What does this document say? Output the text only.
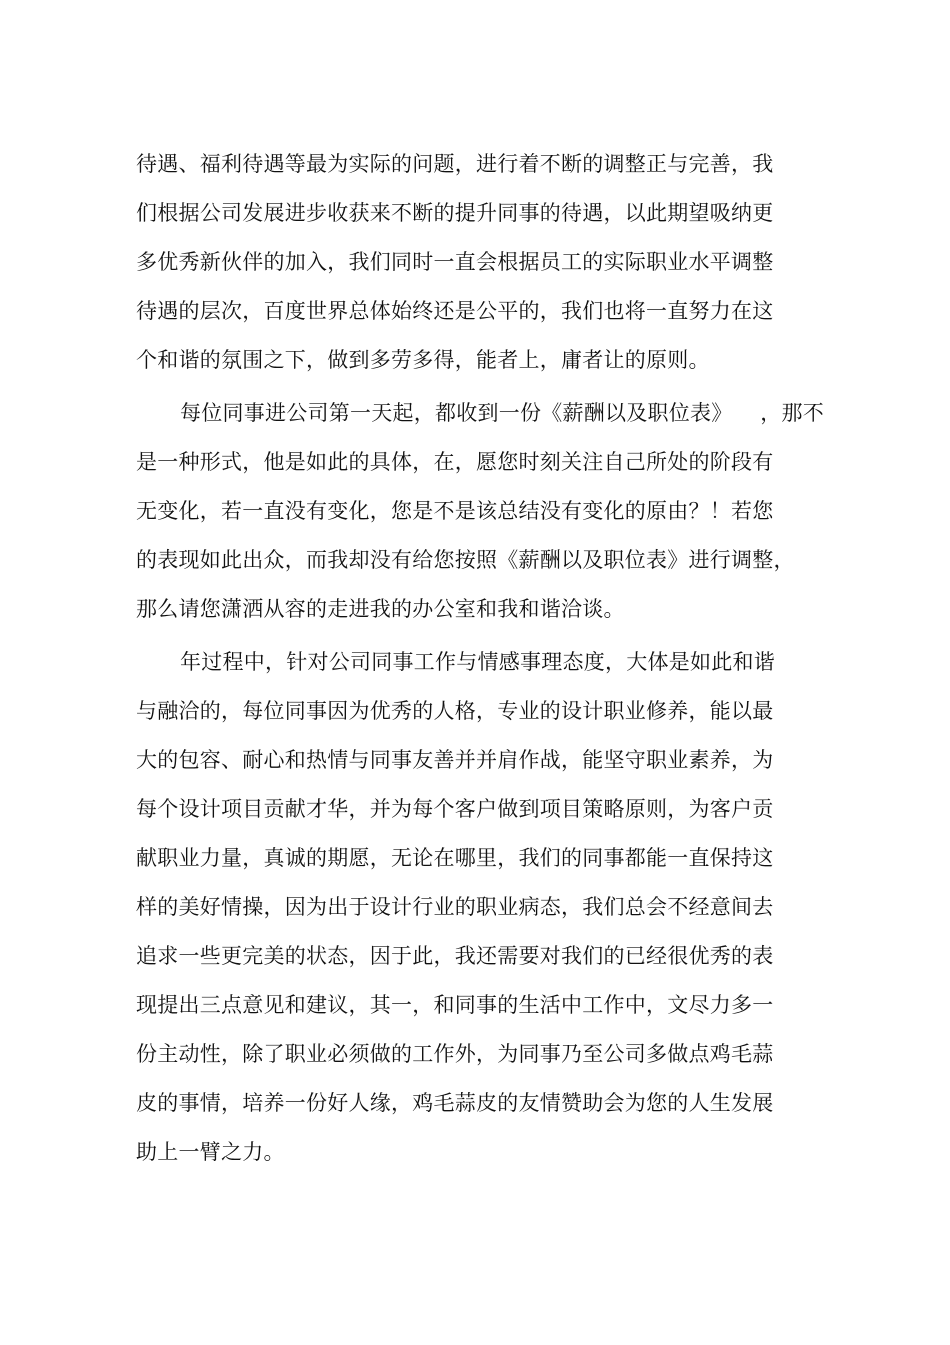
待遇、福利待遇等最为实际的问题，进行着不断的调整正与完善，我
们根据公司发展进步收获来不断的提升同事的待遇，以此期望吸纳更
多优秀新伙伴的加入，我们同时一直会根据员工的实际职业水平调整
待遇的层次，百度世界总体始终还是公平的，我们也将一直努力在这
个和谐的氛围之下，做到多劳多得，能者上，庸者让的原则。
每位同事进公司第一天起，都收到一份《薪酬以及职位表》    ，那不
是一种形式，他是如此的具体，在，愿您时刻关注自己所处的阶段有
无变化，若一直没有变化，您是不是该总结没有变化的原由？！若您
的表现如此出众，而我却没有给您按照《薪酬以及职位表》进行调整，
那么请您潇洒从容的走进我的办公室和我和谐洽谈。
年过程中，针对公司同事工作与情感事理态度，大体是如此和谐
与融洽的，每位同事因为优秀的人格，专业的设计职业修养，能以最
大的包容、耐心和热情与同事友善并并肩作战，能坚守职业素养，为
每个设计项目贡献才华，并为每个客户做到项目策略原则，为客户贡
献职业力量，真诚的期愿，无论在哪里，我们的同事都能一直保持这
样的美好情操，因为出于设计行业的职业病态，我们总会不经意间去
追求一些更完美的状态，因于此，我还需要对我们的已经很优秀的表
现提出三点意见和建议，其一，和同事的生活中工作中，文尽力多一
份主动性，除了职业必须做的工作外，为同事乃至公司多做点鸡毛蒜
皮的事情，培养一份好人缘，鸡毛蒜皮的友情赞助会为您的人生发展
助上一臂之力。
